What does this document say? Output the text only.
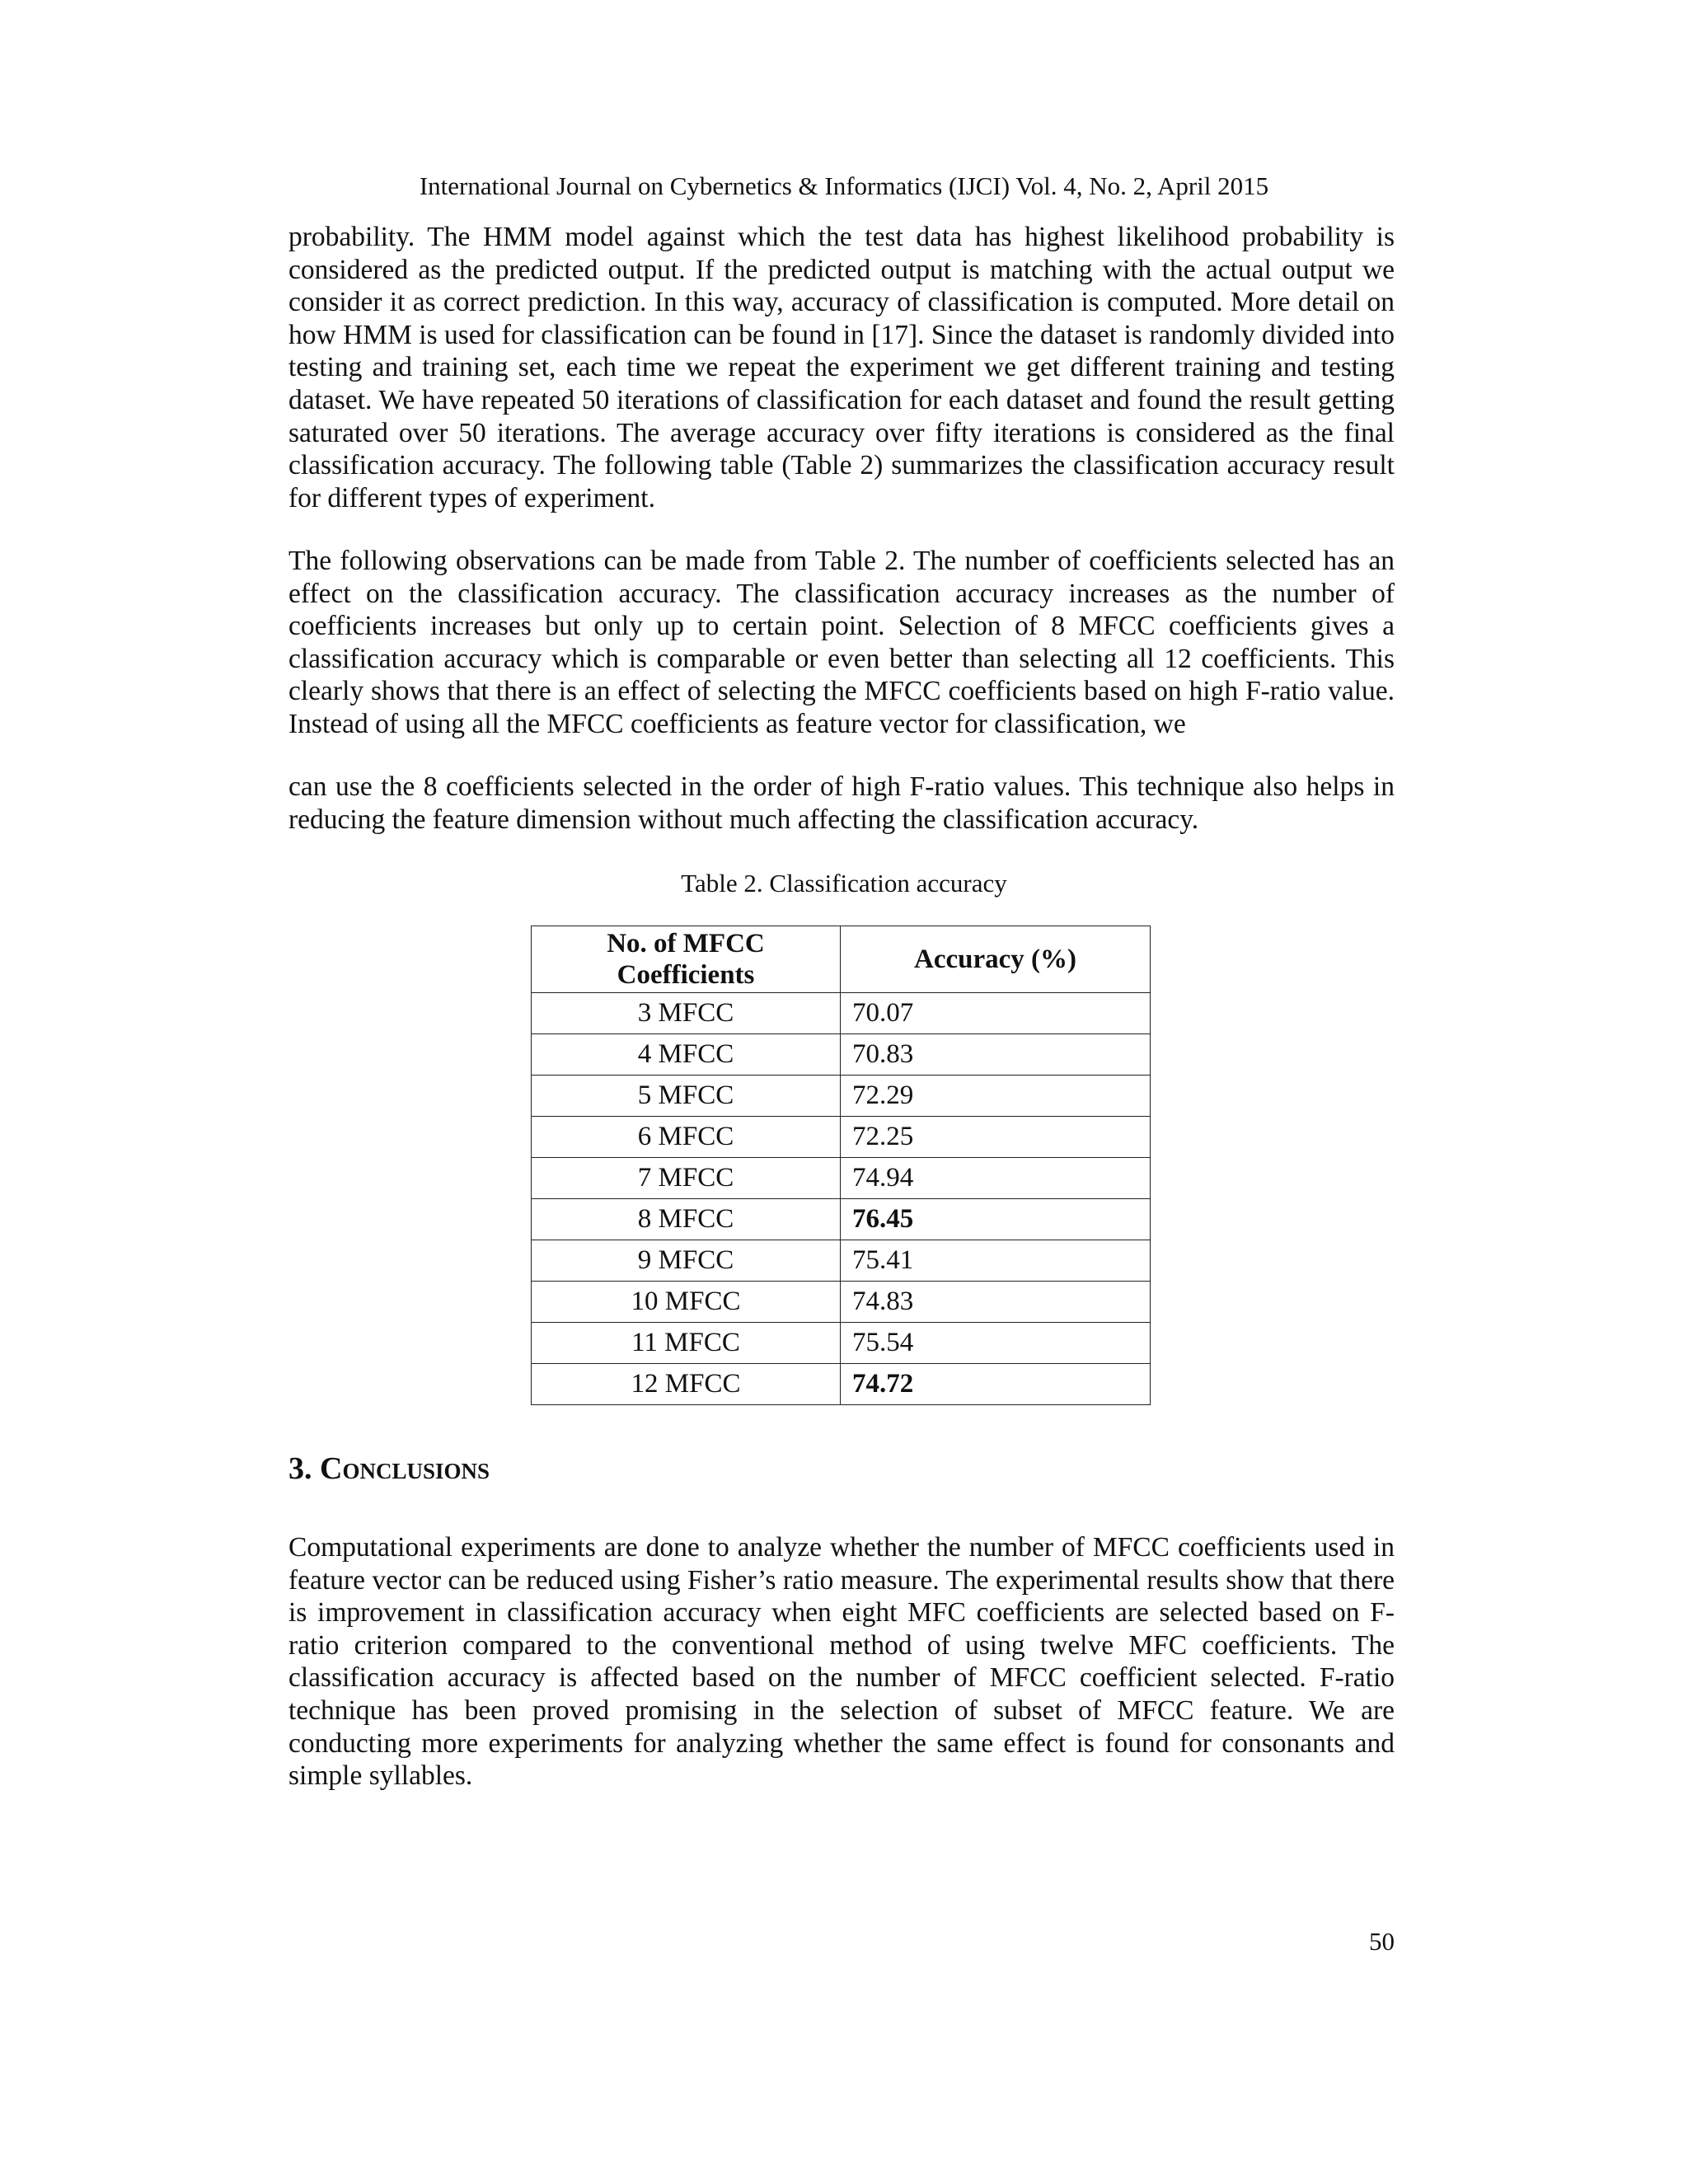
International Journal on Cybernetics & Informatics (IJCI) Vol. 4, No. 2, April 2015
probability. The HMM model against which the test data has highest likelihood probability is considered as the predicted output. If the predicted output is matching with the actual output we consider it as correct prediction. In this way, accuracy of classification is computed. More detail on how HMM is used for classification can be found in [17]. Since the dataset is randomly divided into testing and training set, each time we repeat the experiment we get different training and testing dataset. We have repeated 50 iterations of classification for each dataset and found the result getting saturated over 50 iterations. The average accuracy over fifty iterations is considered as the final classification accuracy. The following table (Table 2) summarizes the classification accuracy result for different types of experiment.
The following observations can be made from Table 2. The number of coefficients selected has an effect on the classification accuracy. The classification accuracy increases as the number of coefficients increases but only up to certain point. Selection of 8 MFCC coefficients gives a classification accuracy which is comparable or even better than selecting all 12 coefficients. This clearly shows that there is an effect of selecting the MFCC coefficients based on high F-ratio value. Instead of using all the MFCC coefficients as feature vector for classification, we
can use the 8 coefficients selected in the order of high F-ratio values. This technique also helps in reducing the feature dimension without much affecting the classification accuracy.
Table 2. Classification accuracy
No. of MFCC
Coefficients	Accuracy (%)
3 MFCC	70.07
4 MFCC	70.83
5 MFCC	72.29
6 MFCC	72.25
7 MFCC	74.94
8 MFCC	76.45
9 MFCC	75.41
10 MFCC	74.83
11 MFCC	75.54
12 MFCC	74.72
3. Conclusions
Computational experiments are done to analyze whether the number of MFCC coefficients used in feature vector can be reduced using Fisher’s ratio measure. The experimental results show that there is improvement in classification accuracy when eight MFC coefficients are selected based on F-ratio criterion compared to the conventional method of using twelve MFC coefficients. The classification accuracy is affected based on the number of MFCC coefficient selected. F-ratio technique has been proved promising in the selection of subset of MFCC feature. We are conducting more experiments for analyzing whether the same effect is found for consonants and simple syllables.
50
